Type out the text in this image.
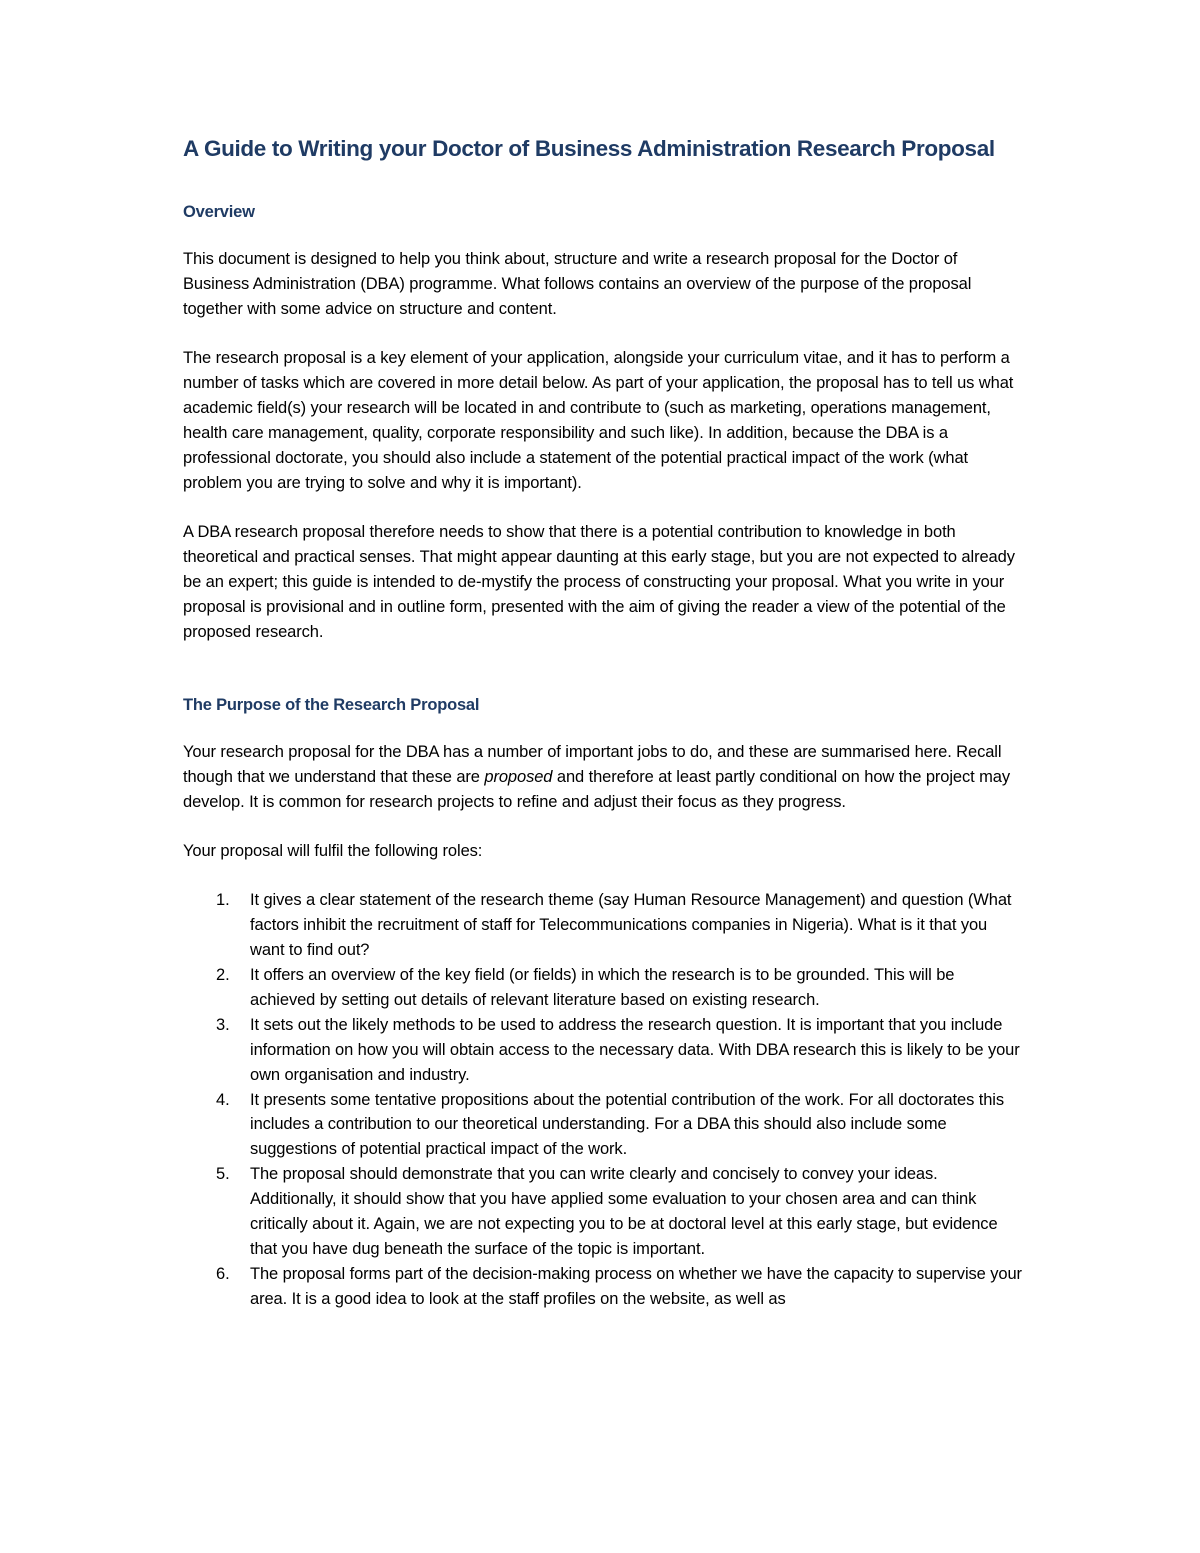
A Guide to Writing your Doctor of Business Administration Research Proposal
Overview

This document is designed to help you think about, structure and write a research proposal for the Doctor of Business Administration (DBA) programme. What follows contains an overview of the purpose of the proposal together with some advice on structure and content.

The research proposal is a key element of your application, alongside your curriculum vitae, and it has to perform a number of tasks which are covered in more detail below. As part of your application, the proposal has to tell us what academic field(s) your research will be located in and contribute to (such as marketing, operations management, health care management, quality, corporate responsibility and such like). In addition, because the DBA is a professional doctorate, you should also include a statement of the potential practical impact of the work (what problem you are trying to solve and why it is important).

A DBA research proposal therefore needs to show that there is a potential contribution to knowledge in both theoretical and practical senses. That might appear daunting at this early stage, but you are not expected to already be an expert; this guide is intended to de-mystify the process of constructing your proposal. What you write in your proposal is provisional and in outline form, presented with the aim of giving the reader a view of the potential of the proposed research.

The Purpose of the Research Proposal

Your research proposal for the DBA has a number of important jobs to do, and these are summarised here. Recall though that we understand that these are proposed and therefore at least partly conditional on how the project may develop. It is common for research projects to refine and adjust their focus as they progress.

Your proposal will fulfil the following roles:

1. It gives a clear statement of the research theme (say Human Resource Management) and question (What factors inhibit the recruitment of staff for Telecommunications companies in Nigeria). What is it that you want to find out?
2. It offers an overview of the key field (or fields) in which the research is to be grounded. This will be achieved by setting out details of relevant literature based on existing research.
3. It sets out the likely methods to be used to address the research question. It is important that you include information on how you will obtain access to the necessary data. With DBA research this is likely to be your own organisation and industry.
4. It presents some tentative propositions about the potential contribution of the work. For all doctorates this includes a contribution to our theoretical understanding. For a DBA this should also include some suggestions of potential practical impact of the work.
5. The proposal should demonstrate that you can write clearly and concisely to convey your ideas. Additionally, it should show that you have applied some evaluation to your chosen area and can think critically about it. Again, we are not expecting you to be at doctoral level at this early stage, but evidence that you have dug beneath the surface of the topic is important.
6. The proposal forms part of the decision-making process on whether we have the capacity to supervise your area. It is a good idea to look at the staff profiles on the website, as well as
